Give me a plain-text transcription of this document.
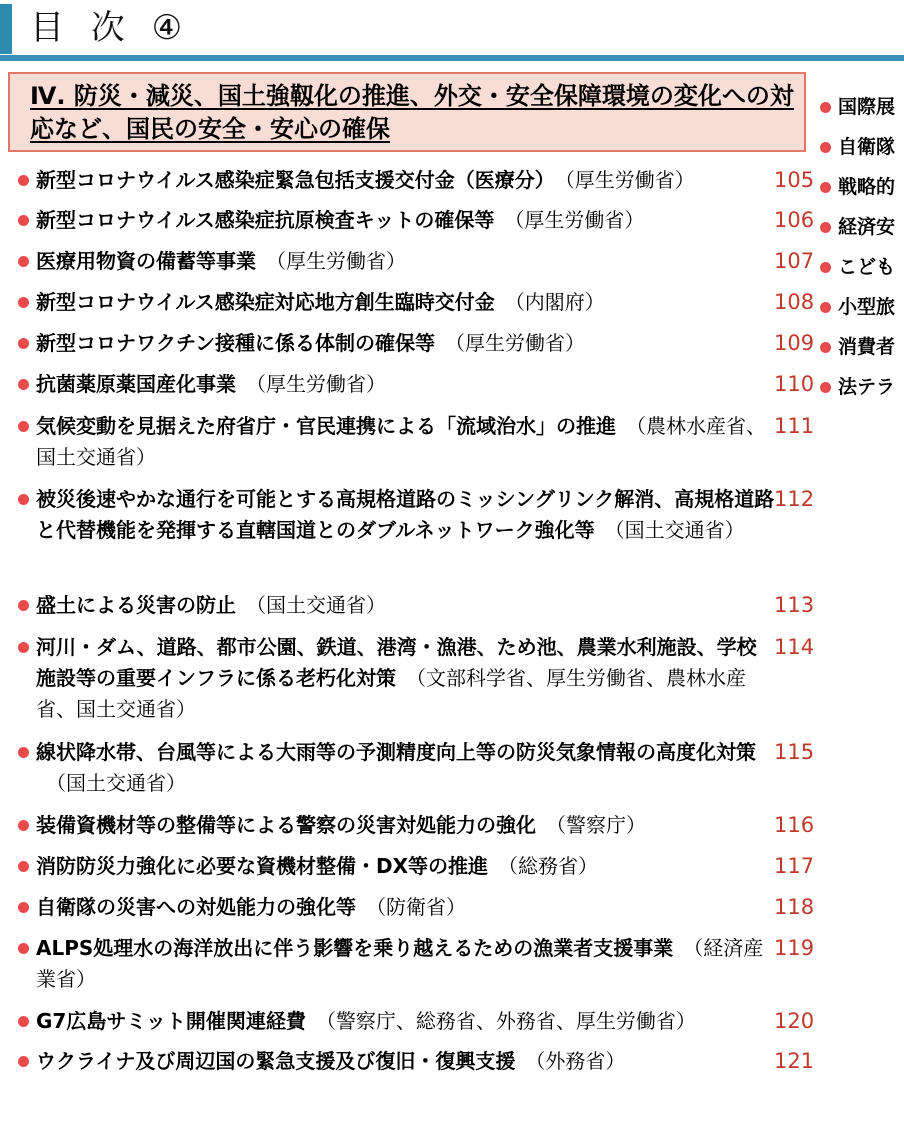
目 次 ④

Ⅳ. 防災・減災、国土強靱化の推進、外交・安全保障環境の変化への対応など、国民の安全・安心の確保

新型コロナウイルス感染症緊急包括支援交付金（医療分） （厚生労働省）	105
新型コロナウイルス感染症抗原検査キットの確保等 （厚生労働省）	106
医療用物資の備蓄等事業 （厚生労働省）	107
新型コロナウイルス感染症対応地方創生臨時交付金 （内閣府）	108
新型コロナワクチン接種に係る体制の確保等 （厚生労働省）	109
抗菌薬原薬国産化事業 （厚生労働省）	110
気候変動を見据えた府省庁・官民連携による「流域治水」の推進 （農林水産省、国土交通省）
111
被災後速やかな通行を可能とする高規格道路のミッシングリンク解消、高規格道路と代替機能を発揮する直轄国道とのダブルネットワーク強化等 （国土交通省）
112
盛土による災害の防止 （国土交通省）	113
河川・ダム、道路、都市公園、鉄道、港湾・漁港、ため池、農業水利施設、学校施設等の重要インフラに係る老朽化対策 （文部科学省、厚生労働省、農林水産省、国土交通省）
114
線状降水帯、台風等による大雨等の予測精度向上等の防災気象情報の高度化対策（国土交通省）
115
装備資機材等の整備等による警察の災害対処能力の強化 （警察庁）	116
消防防災力強化に必要な資機材整備・DX等の推進 （総務省）	117
自衛隊の災害への対処能力の強化等 （防衛省）	118
ALPS処理水の海洋放出に伴う影響を乗り越えるための漁業者支援事業 （経済産業省）
119
G7広島サミット開催関連経費 （警察庁、総務省、外務省、厚生労働省）	120
ウクライナ及び周辺国の緊急支援及び復旧・復興支援 （外務省）	121
国際展
自衛隊
戦略的
経済安
こども
小型旅
消費者
法テラ
